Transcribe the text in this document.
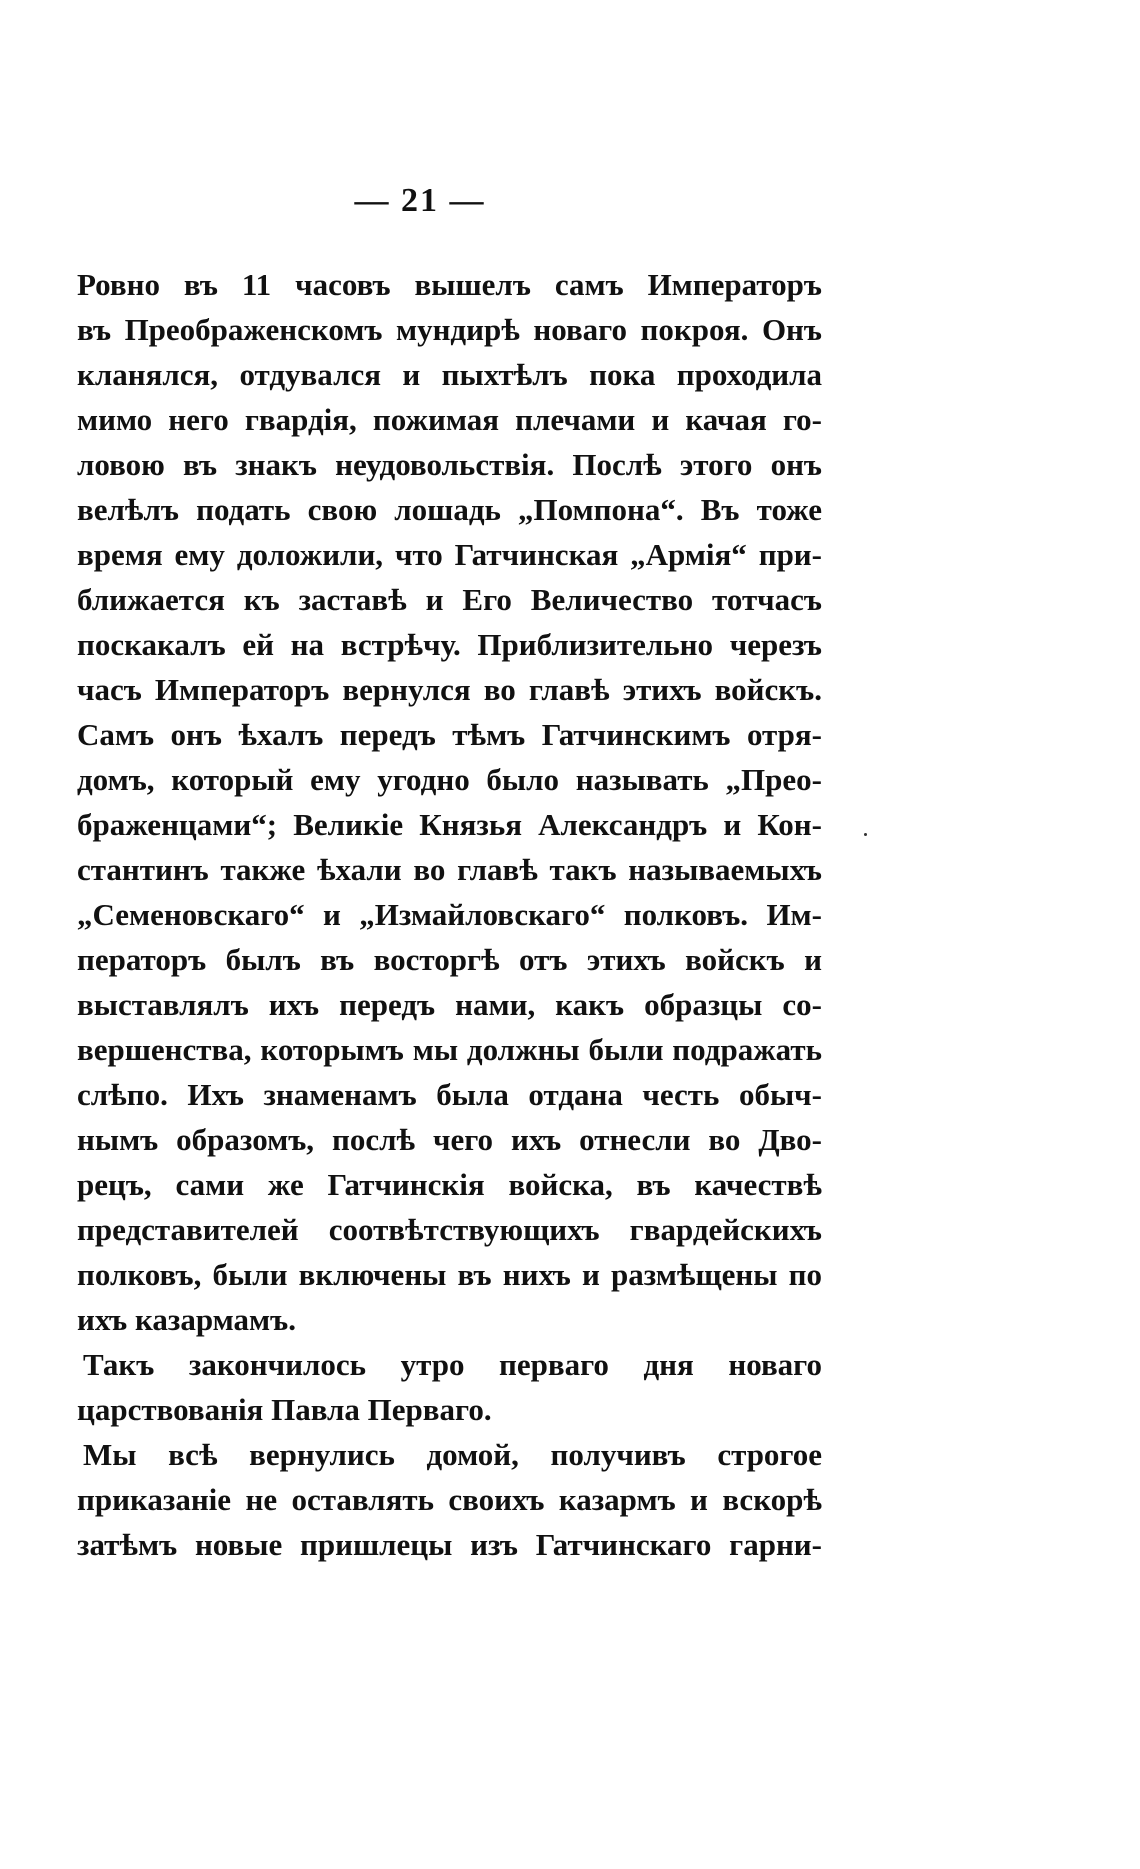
— 21 —
Ровно въ 11 часовъ вышелъ самъ Императоръ
въ Преображенскомъ мундирѣ новаго покроя. Онъ
кланялся, отдувался и пыхтѣлъ пока проходила
мимо него гвардія, пожимая плечами и качая го-
ловою въ знакъ неудовольствія. Послѣ этого онъ
велѣлъ подать свою лошадь „Помпона“. Въ тоже
время ему доложили, что Гатчинская „Армія“ при-
ближается къ заставѣ и Его Величество тотчасъ
поскакалъ ей на встрѣчу. Приблизительно черезъ
часъ Императоръ вернулся во главѣ этихъ войскъ.
Самъ онъ ѣхалъ передъ тѣмъ Гатчинскимъ отря-
домъ, который ему угодно было называть „Прео-
браженцами“; Великіе Князья Александръ и Кон-
стантинъ также ѣхали во главѣ такъ называемыхъ
„Семеновскаго“ и „Измайловскаго“ полковъ. Им-
ператоръ былъ въ восторгѣ отъ этихъ войскъ и
выставлялъ ихъ передъ нами, какъ образцы со-
вершенства, которымъ мы должны были подражать
слѣпо. Ихъ знаменамъ была отдана честь обыч-
нымъ образомъ, послѣ чего ихъ отнесли во Дво-
рецъ, сами же Гатчинскія войска, въ качествѣ
представителей соотвѣтствующихъ гвардейскихъ
полковъ, были включены въ нихъ и размѣщены по
ихъ казармамъ.
Такъ закончилось утро перваго дня новаго
царствованія Павла Перваго.
Мы всѣ вернулись домой, получивъ строгое
приказаніе не оставлять своихъ казармъ и вскорѣ
затѣмъ новые пришлецы изъ Гатчинскаго гарни-
